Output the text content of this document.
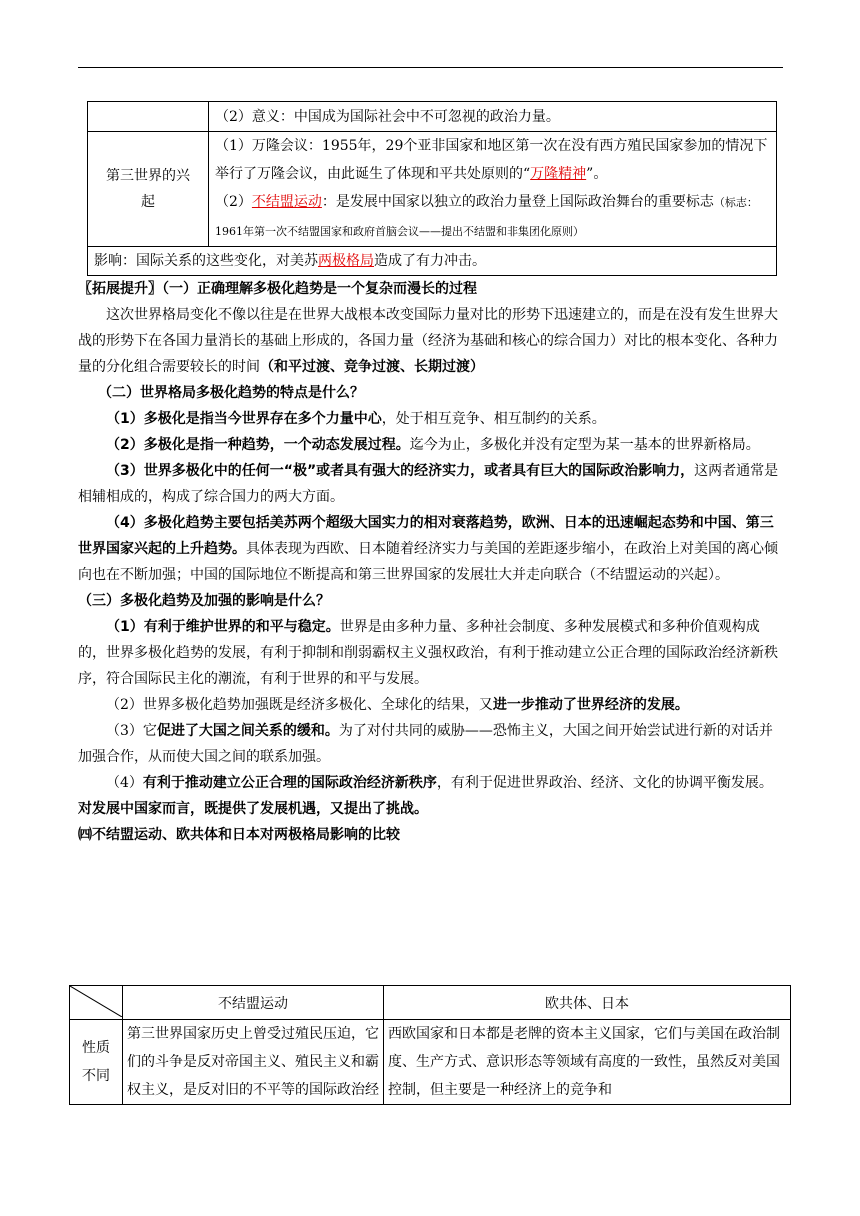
	（2）意义：中国成为国际社会中不可忽视的政治力量。
第三世界的兴起	（1）万隆会议：1955年，29个亚非国家和地区第一次在没有西方殖民国家参加的情况下举行了万隆会议，由此诞生了体现和平共处原则的“万隆精神”。
（2）不结盟运动：是发展中国家以独立的政治力量登上国际政治舞台的重要标志（标志：1961年第一次不结盟国家和政府首脑会议——提出不结盟和非集团化原则）

影响：国际关系的这些变化，对美苏两极格局造成了有力冲击。	

〖拓展提升〗（一）正确理解多极化趋势是一个复杂而漫长的过程

这次世界格局变化不像以往是在世界大战根本改变国际力量对比的形势下迅速建立的，而是在没有发生世界大战的形势下在各国力量消长的基础上形成的，各国力量（经济为基础和核心的综合国力）对比的根本变化、各种力量的分化组合需要较长的时间（和平过渡、竞争过渡、长期过渡）

（二）世界格局多极化趋势的特点是什么？

（1）多极化是指当今世界存在多个力量中心，处于相互竞争、相互制约的关系。

（2）多极化是指一种趋势，一个动态发展过程。迄今为止，多极化并没有定型为某一基本的世界新格局。

（3）世界多极化中的任何一“极”或者具有强大的经济实力，或者具有巨大的国际政治影响力，这两者通常是相辅相成的，构成了综合国力的两大方面。

（4）多极化趋势主要包括美苏两个超级大国实力的相对衰落趋势，欧洲、日本的迅速崛起态势和中国、第三世界国家兴起的上升趋势。具体表现为西欧、日本随着经济实力与美国的差距逐步缩小，在政治上对美国的离心倾向也在不断加强；中国的国际地位不断提高和第三世界国家的发展壮大并走向联合（不结盟运动的兴起）。

（三）多极化趋势及加强的影响是什么？

（1）有利于维护世界的和平与稳定。世界是由多种力量、多种社会制度、多种发展模式和多种价值观构成的，世界多极化趋势的发展，有利于抑制和削弱霸权主义强权政治，有利于推动建立公正合理的国际政治经济新秩序，符合国际民主化的潮流，有利于世界的和平与发展。

（2）世界多极化趋势加强既是经济多极化、全球化的结果，又进一步推动了世界经济的发展。

（3）它促进了大国之间关系的缓和。为了对付共同的威胁——恐怖主义，大国之间开始尝试进行新的对话并加强合作，从而使大国之间的联系加强。

（4）有利于推动建立公正合理的国际政治经济新秩序，有利于促进世界政治、经济、文化的协调平衡发展。对发展中国家而言，既提供了发展机遇，又提出了挑战。

㈣不结盟运动、欧共体和日本对两极格局影响的比较

	不结盟运动	欧共体、日本
性质不同	第三世界国家历史上曾受过殖民压迫，它们的斗争是反对帝国主义、殖民主义和霸权主义，是反对旧的不平等的国际政治经	西欧国家和日本都是老牌的资本主义国家，它们与美国在政治制度、生产方式、意识形态等领域有高度的一致性，虽然反对美国控制，但主要是一种经济上的竞争和
